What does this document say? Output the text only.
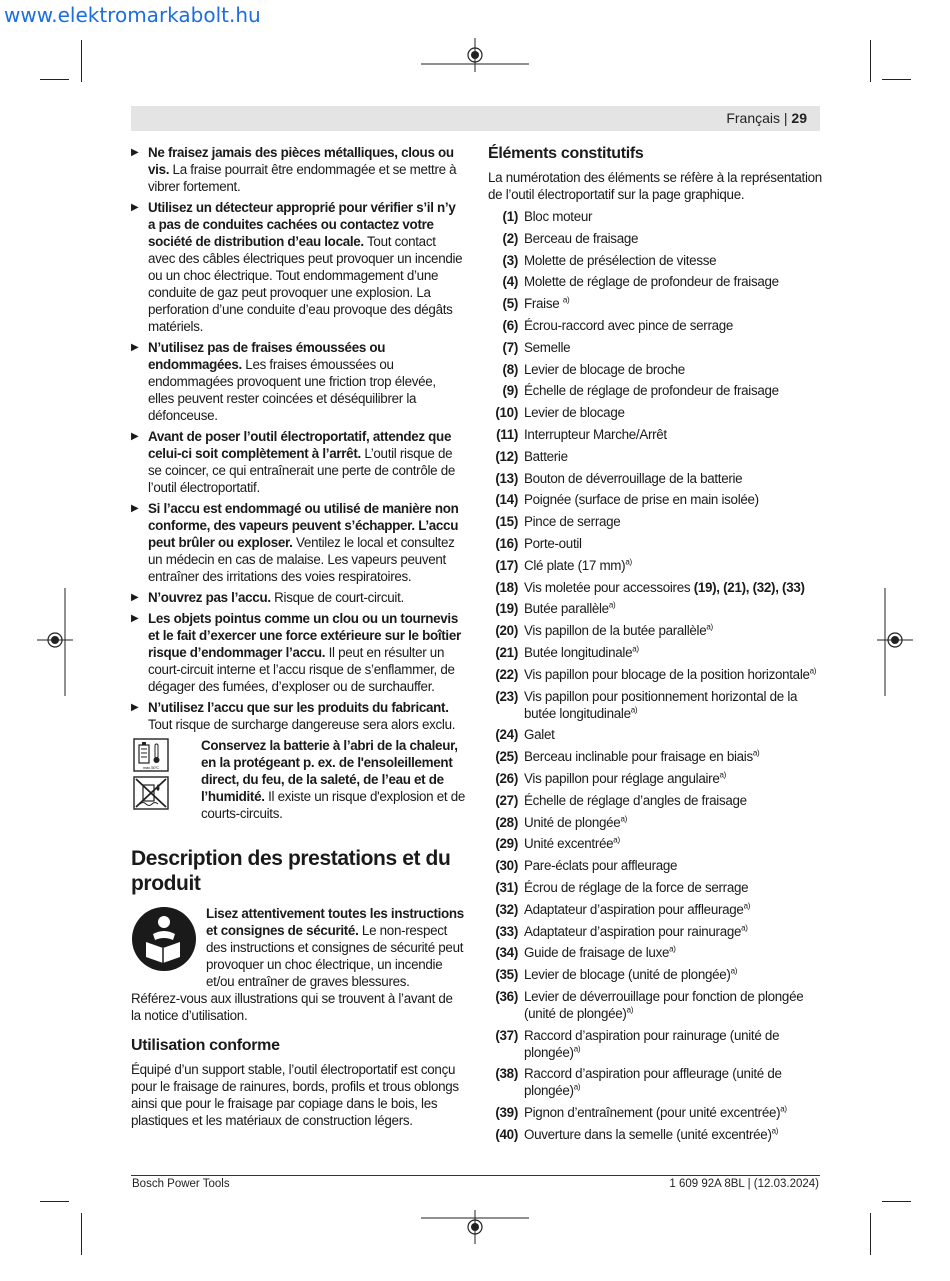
www.elektromarkabolt.hu
Français | 29
▶ Ne fraisez jamais des pièces métalliques, clous ou vis. La fraise pourrait être endommagée et se mettre à vibrer fortement.
▶ Utilisez un détecteur approprié pour vérifier s’il n’y a pas de conduites cachées ou contactez votre société de distribution d’eau locale. Tout contact avec des câbles électriques peut provoquer un incendie ou un choc électrique. Tout endommagement d’une conduite de gaz peut provoquer une explosion. La perforation d’une conduite d’eau provoque des dégâts matériels.
▶ N’utilisez pas de fraises émoussées ou endommagées. Les fraises émoussées ou endommagées provoquent une friction trop élevée, elles peuvent rester coincées et déséquilibrer la défonceuse.
▶ Avant de poser l’outil électroportatif, attendez que celui-ci soit complètement à l’arrêt. L’outil risque de se coincer, ce qui entraînerait une perte de contrôle de l’outil électroportatif.
▶ Si l’accu est endommagé ou utilisé de manière non conforme, des vapeurs peuvent s’échapper. L’accu peut brûler ou exploser. Ventilez le local et consultez un médecin en cas de malaise. Les vapeurs peuvent entraîner des irritations des voies respiratoires.
▶ N’ouvrez pas l’accu. Risque de court-circuit.
▶ Les objets pointus comme un clou ou un tournevis et le fait d’exercer une force extérieure sur le boîtier risque d’endommager l’accu. Il peut en résulter un court-circuit interne et l’accu risque de s’enflammer, de dégager des fumées, d’exploser ou de surchauffer.
▶ N’utilisez l’accu que sur les produits du fabricant. Tout risque de surcharge dangereuse sera alors exclu.
max. 50°C
Conservez la batterie à l’abri de la chaleur, en la protégeant p. ex. de l'ensoleillement direct, du feu, de la saleté, de l’eau et de l’humidité. Il existe un risque d'explosion et de courts-circuits.
Description des prestations et du produit
Lisez attentivement toutes les instructions et consignes de sécurité. Le non-respect des instructions et consignes de sécurité peut provoquer un choc électrique, un incendie et/ou entraîner de graves blessures.

Référez-vous aux illustrations qui se trouvent à l’avant de la notice d’utilisation.

Utilisation conforme

Équipé d’un support stable, l’outil électroportatif est conçu pour le fraisage de rainures, bords, profils et trous oblongs ainsi que pour le fraisage par copiage dans le bois, les plastiques et les matériaux de construction légers.

Éléments constitutifs

La numérotation des éléments se réfère à la représentation de l’outil électroportatif sur la page graphique.

(1) Bloc moteur
(2) Berceau de fraisage
(3) Molette de présélection de vitesse
(4) Molette de réglage de profondeur de fraisage
(5) Fraise $^{a)}$
(6) Écrou-raccord avec pince de serrage
(7) Semelle
(8) Levier de blocage de broche
(9) Échelle de réglage de profondeur de fraisage
(10) Levier de blocage
(11) Interrupteur Marche/Arrêt
(12) Batterie
(13) Bouton de déverrouillage de la batterie
(14) Poignée (surface de prise en main isolée)
(15) Pince de serrage
(16) Porte-outil
(17) Clé plate (17 mm)$^{a)}$
(18) Vis moletée pour accessoires (19), (21), (32), (33)
(19) Butée parallèle$^{a)}$
(20) Vis papillon de la butée parallèle$^{a)}$
(21) Butée longitudinale$^{a)}$
(22) Vis papillon pour blocage de la position horizontale$^{a)}$
(23) Vis papillon pour positionnement horizontal de la butée longitudinale$^{a)}$
(24) Galet
(25) Berceau inclinable pour fraisage en biais$^{a)}$
(26) Vis papillon pour réglage angulaire$^{a)}$
(27) Échelle de réglage d’angles de fraisage
(28) Unité de plongée$^{a)}$
(29) Unité excentrée$^{a)}$
(30) Pare-éclats pour affleurage
(31) Écrou de réglage de la force de serrage
(32) Adaptateur d’aspiration pour affleurage$^{a)}$
(33) Adaptateur d’aspiration pour rainurage$^{a)}$
(34) Guide de fraisage de luxe$^{a)}$
(35) Levier de blocage (unité de plongée)$^{a)}$
(36) Levier de déverrouillage pour fonction de plongée (unité de plongée)$^{a)}$
(37) Raccord d’aspiration pour rainurage (unité de plongée)$^{a)}$
(38) Raccord d’aspiration pour affleurage (unité de plongée)$^{a)}$
(39) Pignon d’entraînement (pour unité excentrée)$^{a)}$
(40) Ouverture dans la semelle (unité excentrée)$^{a)}$
Bosch Power Tools	1 609 92A 8BL | (12.03.2024)
